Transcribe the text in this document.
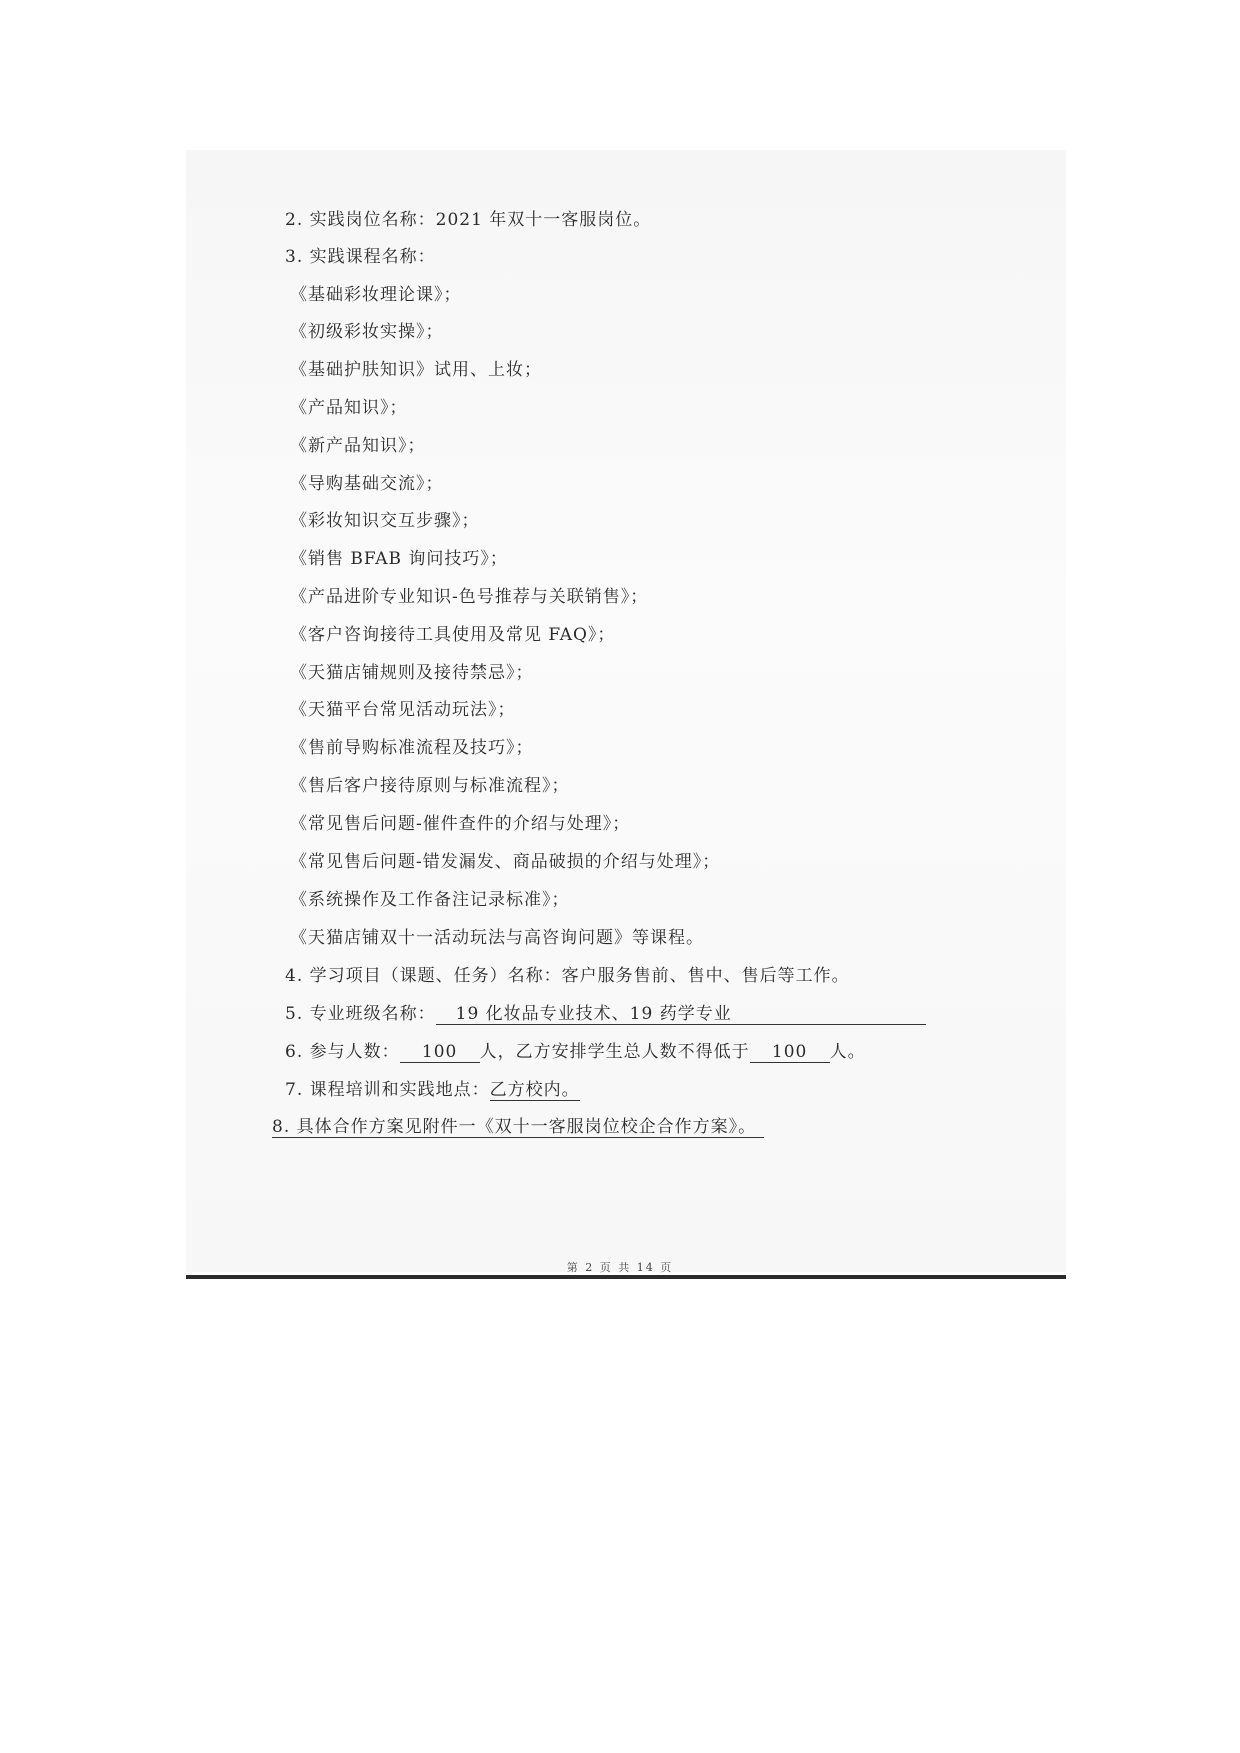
2. 实践岗位名称：2021 年双十一客服岗位。
3. 实践课程名称：
《基础彩妆理论课》；
《初级彩妆实操》；
《基础护肤知识》试用、上妆；
《产品知识》；
《新产品知识》；
《导购基础交流》；
《彩妆知识交互步骤》；
《销售 BFAB 询问技巧》；
《产品进阶专业知识-色号推荐与关联销售》；
《客户咨询接待工具使用及常见 FAQ》；
《天猫店铺规则及接待禁忌》；
《天猫平台常见活动玩法》；
《售前导购标准流程及技巧》；
《售后客户接待原则与标准流程》；
《常见售后问题-催件查件的介绍与处理》；
《常见售后问题-错发漏发、商品破损的介绍与处理》；
《系统操作及工作备注记录标准》；
《天猫店铺双十一活动玩法与高咨询问题》等课程。
4. 学习项目（课题、任务）名称：客户服务售前、售中、售后等工作。
5. 专业班级名称： 19 化妆品专业技术、19 药学专业
6. 参与人数： 100 人，乙方安排学生总人数不得低于 100 人。
7. 课程培训和实践地点：乙方校内。
8. 具体合作方案见附件一《双十一客服岗位校企合作方案》。
第 2 页 共 14 页
